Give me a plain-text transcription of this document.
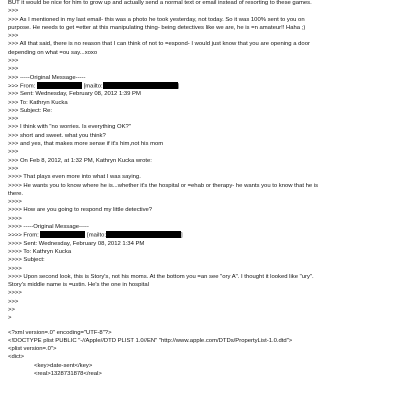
BUT it would be nice for him to grow up and actually send a normal text or email instead of resorting to these games.
>>>
>>> As I mentioned in my last email- this was a photo he took yesterday, not today. So it was 100% sent to you on
purpose. He needs to get =etter at this manipulating thing- being detectives like we are, he is =n amateur!! Haha ;)
>>>
>>> All that said, there is no reason that I can think of not to =espond- I would just know that you are opening a door
depending on what =ou say...xoxo
>>>
>>>
>>> -----Original Message-----
>>> From:	[mailto:	]
>>> Sent: Wednesday, February 08, 2012 1:39 PM
>>> To: Kathryn Kucka
>>> Subject: Re:
>>>
>>> I think with "no worries. Is everything OK?"
>>> short and sweet. what you think?
>>> and yes, that makes more sense if it's him,not his mom
>>>
>>> On Feb 8, 2012, at 1:32 PM, Kathryn Kucka wrote:
>>>
>>>> That plays even more into what I was saying.
>>>> He wants you to know where he is...whether it's the hospital or =ehab or therapy- he wants you to know that he is
there.
>>>>
>>>> How are you going to respond my little detective?
>>>>
>>>> -----Original Message-----
>>>> From:	[mailto:	]
>>>> Sent: Wednesday, February 08, 2012 1:34 PM
>>>> To: Kathryn Kucka
>>>> Subject:
>>>>
>>>> Upon second look, this is Story's, not his moms. At the bottom you =an see "ory A". I thought it looked like "ury".
Story's middle name is =ustin. He's the one in hospital
>>>>
>>>
>>
>
<?xml version=.0" encoding="UTF-8"?>
<!DOCTYPE plist PUBLIC "-//Apple//DTD PLIST 1.0//EN" "http://www.apple.com/DTDs/PropertyList-1.0.dtd">
<plist version=.0">
<dict>
<key>date-sent</key>
<real>1328731878</real>
